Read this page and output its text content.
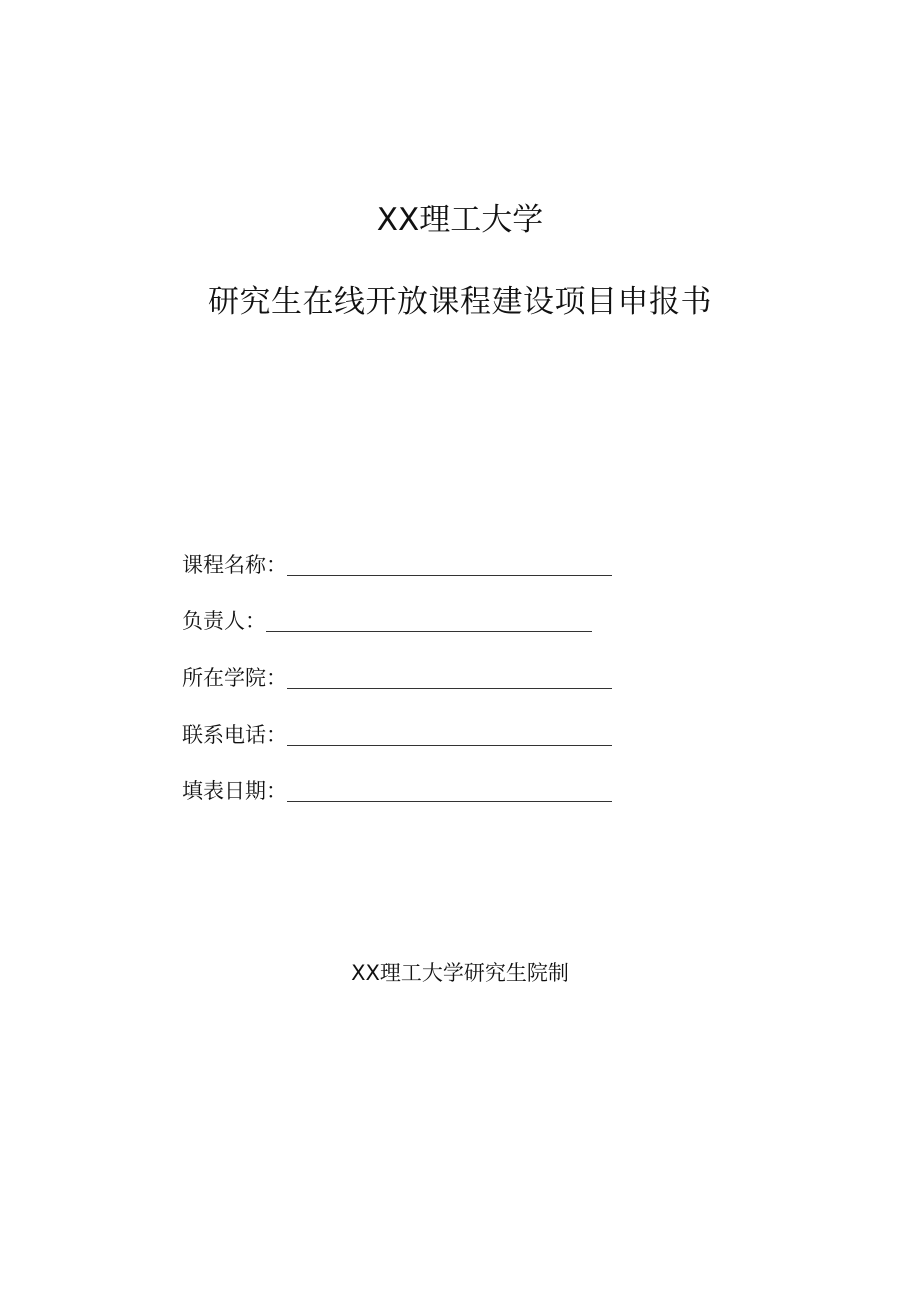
XX理工大学
研究生在线开放课程建设项目申报书
课程名称：
负责人：
所在学院：
联系电话：
填表日期：

XX理工大学研究生院制
